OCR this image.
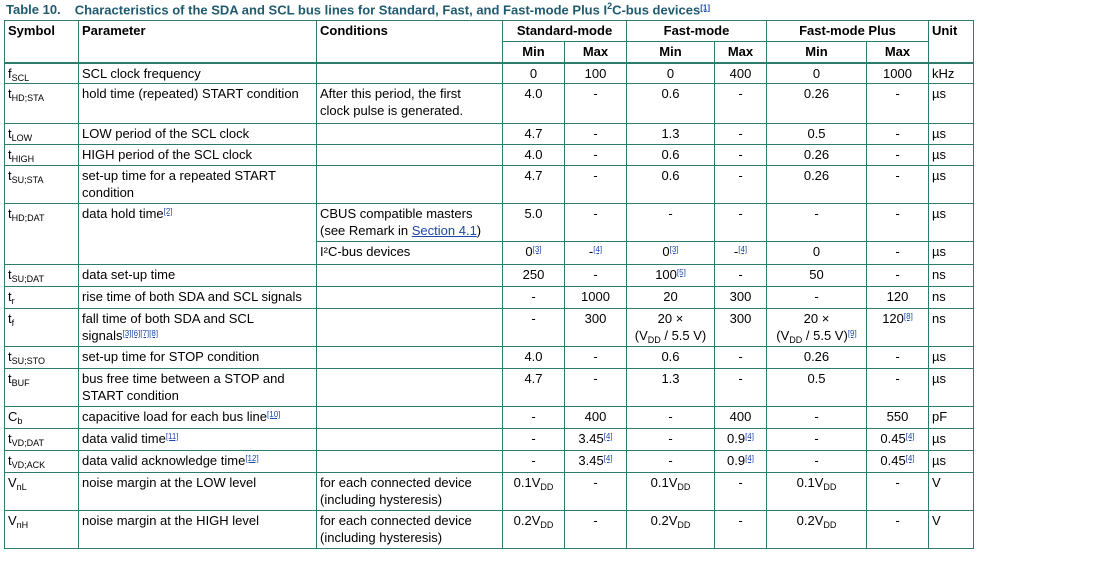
Table 10. Characteristics of the SDA and SCL bus lines for Standard, Fast, and Fast-mode Plus $I^2C$-bus devices[1]
Symbol	Parameter	Conditions	Standard-mode		Fast-mode		Fast-mode Plus		Unit
			Min	Max	Min	Max	Min	Max	
$f_{SCL}$	SCL clock frequency		0	100	0	400	0	1000	kHz
$t_{HD;STA}$	hold time (repeated) START condition	After this period, the first
clock pulse is generated.	4.0	-	0.6	-	0.26	-	µs
$t_{LOW}$	LOW period of the SCL clock		4.7	-	1.3	-	0.5	-	µs
$t_{HIGH}$	HIGH period of the SCL clock		4.0	-	0.6	-	0.26	-	µs
$t_{SU;STA}$	set-up time for a repeated START
condition		4.7	-	0.6	-	0.26	-	µs
$t_{HD;DAT}$	data hold time[2]	CBUS compatible masters
(see Remark in Section 4.1)	5.0	-	-	-	-	-	µs
		I²C-bus devices	0[3]	-[4]	0[3]	-[4]	0	-	µs
$t_{SU;DAT}$	data set-up time		250	-	100[5]	-	50	-	ns
$t_r$	rise time of both SDA and SCL signals		-	1000	20	300	-	120	ns
$t_f$	fall time of both SDA and SCL
signals[3][6][7][8]		-	300	20 ×
($V_{DD} / 5.5$ V)	300	20 ×
($V_{DD} / 5.5$ V)[9]	120[8]	ns
$t_{SU;STO}$	set-up time for STOP condition		4.0	-	0.6	-	0.26	-	µs
$t_{BUF}$	bus free time between a STOP and
START condition		4.7	-	1.3	-	0.5	-	µs
$C_b$	capacitive load for each bus line[10]		-	400	-	400	-	550	pF
$t_{VD;DAT}$	data valid time[11]		-	3.45[4]	-	0.9[4]	-	0.45[4]	µs
$t_{VD;ACK}$	data valid acknowledge time[12]		-	3.45[4]	-	0.9[4]	-	0.45[4]	µs
$V_{nL}$	noise margin at the LOW level	for each connected device
(including hysteresis)	$0.1V_{DD}$	-	$0.1V_{DD}$	-	$0.1V_{DD}$	-	V
$V_{nH}$	noise margin at the HIGH level	for each connected device
(including hysteresis)	$0.2V_{DD}$	-	$0.2V_{DD}$	-	$0.2V_{DD}$	-	V
